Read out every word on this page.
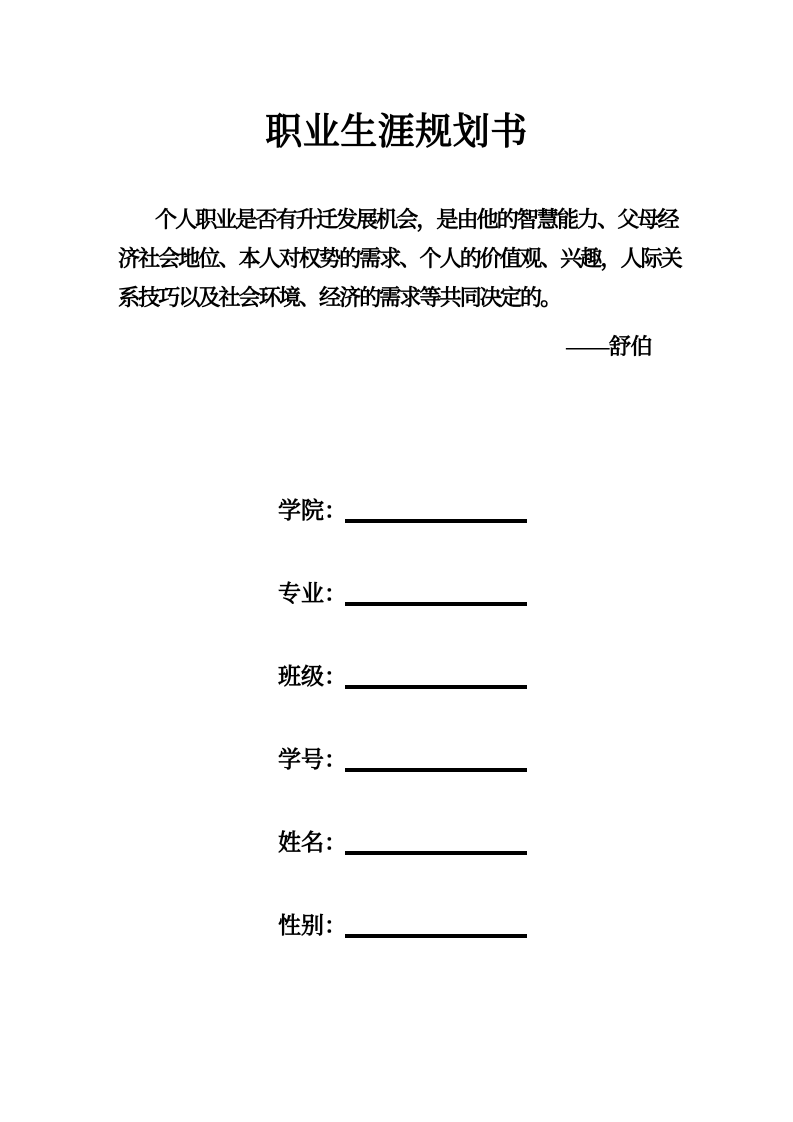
职业生涯规划书
个人职业是否有升迁发展机会，是由他的智慧能力、父母经
济社会地位、本人对权势的需求、个人的价值观、兴趣，人际关
系技巧以及社会环境、经济的需求等共同决定的。
——舒伯
学院：
专业：
班级：
学号：
姓名：
性别：
